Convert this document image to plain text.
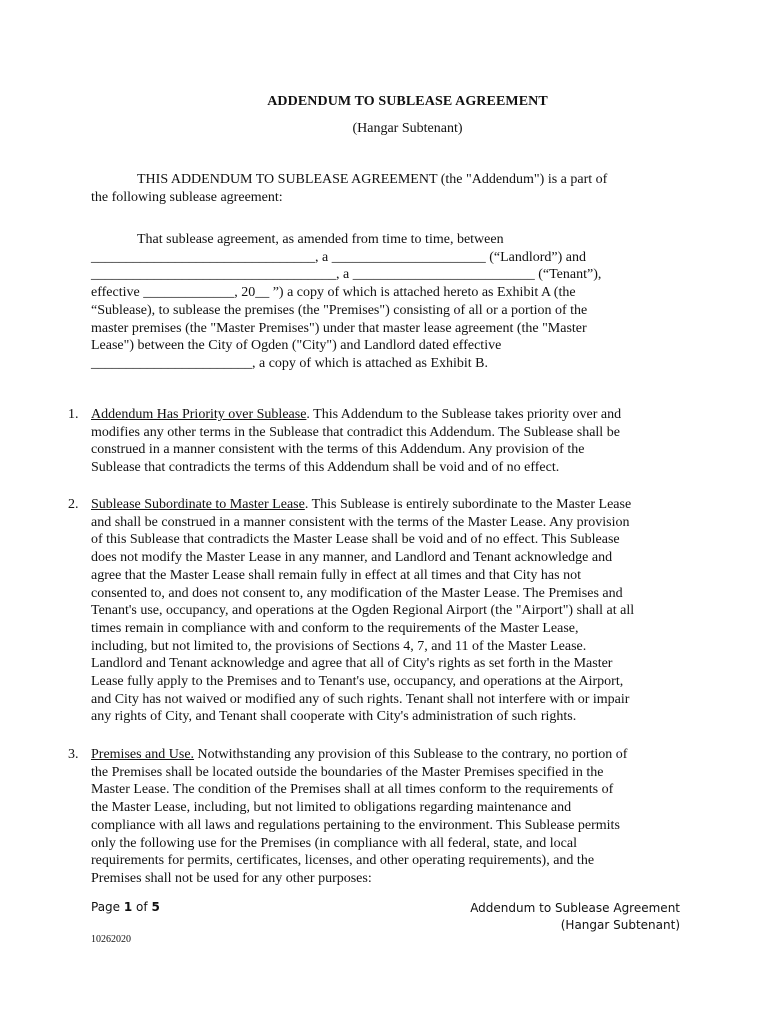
ADDENDUM TO SUBLEASE AGREEMENT
(Hangar Subtenant)
THIS ADDENDUM TO SUBLEASE AGREEMENT (the "Addendum") is a part of
the following sublease agreement:
That sublease agreement, as amended from time to time, between
________________________________, a ______________________ (“Landlord”) and
___________________________________, a __________________________ (“Tenant”),
effective _____________, 20__ ”) a copy of which is attached hereto as Exhibit A (the
“Sublease), to sublease the premises (the "Premises") consisting of all or a portion of the
master premises (the "Master Premises") under that master lease agreement (the "Master
Lease") between the City of Ogden ("City") and Landlord dated effective
_______________________, a copy of which is attached as Exhibit B.
1. Addendum Has Priority over Sublease. This Addendum to the Sublease takes priority over and
modifies any other terms in the Sublease that contradict this Addendum. The Sublease shall be
construed in a manner consistent with the terms of this Addendum. Any provision of the
Sublease that contradicts the terms of this Addendum shall be void and of no effect.
2. Sublease Subordinate to Master Lease. This Sublease is entirely subordinate to the Master Lease
and shall be construed in a manner consistent with the terms of the Master Lease. Any provision
of this Sublease that contradicts the Master Lease shall be void and of no effect. This Sublease
does not modify the Master Lease in any manner, and Landlord and Tenant acknowledge and
agree that the Master Lease shall remain fully in effect at all times and that City has not
consented to, and does not consent to, any modification of the Master Lease. The Premises and
Tenant's use, occupancy, and operations at the Ogden Regional Airport (the "Airport") shall at all
times remain in compliance with and conform to the requirements of the Master Lease,
including, but not limited to, the provisions of Sections 4, 7, and 11 of the Master Lease.
Landlord and Tenant acknowledge and agree that all of City's rights as set forth in the Master
Lease fully apply to the Premises and to Tenant's use, occupancy, and operations at the Airport,
and City has not waived or modified any of such rights. Tenant shall not interfere with or impair
any rights of City, and Tenant shall cooperate with City's administration of such rights.
3. Premises and Use. Notwithstanding any provision of this Sublease to the contrary, no portion of
the Premises shall be located outside the boundaries of the Master Premises specified in the
Master Lease. The condition of the Premises shall at all times conform to the requirements of
the Master Lease, including, but not limited to obligations regarding maintenance and
compliance with all laws and regulations pertaining to the environment. This Sublease permits
only the following use for the Premises (in compliance with all federal, state, and local
requirements for permits, certificates, licenses, and other operating requirements), and the
Premises shall not be used for any other purposes:
Page 1 of 5	Addendum to Sublease Agreement
(Hangar Subtenant)
10262020
